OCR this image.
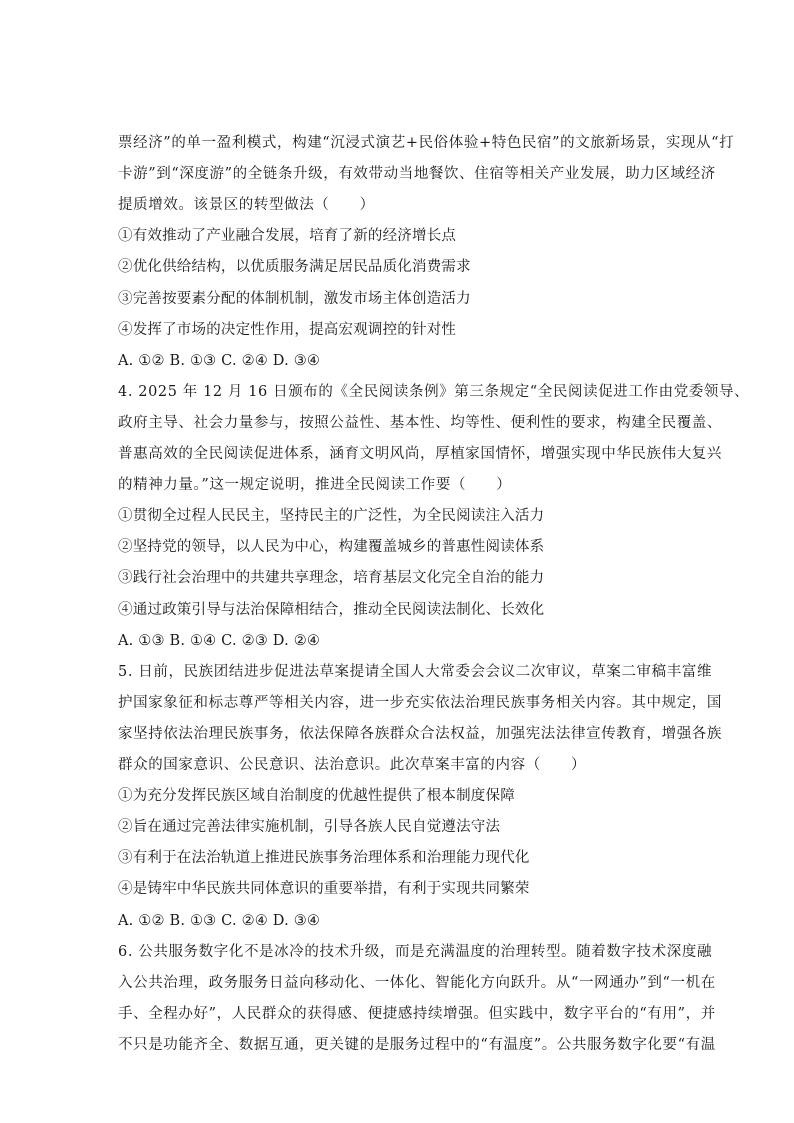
票经济”的单一盈利模式，构建“沉浸式演艺+民俗体验+特色民宿”的文旅新场景，实现从“打

卡游”到“深度游”的全链条升级，有效带动当地餐饮、住宿等相关产业发展，助力区域经济

提质增效。该景区的转型做法（　　）

①有效推动了产业融合发展，培育了新的经济增长点

②优化供给结构，以优质服务满足居民品质化消费需求

③完善按要素分配的体制机制，激发市场主体创造活力

④发挥了市场的决定性作用，提高宏观调控的针对性

A. ①② B. ①③ C. ②④ D. ③④

4. 2025 年 12 月 16 日颁布的《全民阅读条例》第三条规定“全民阅读促进工作由党委领导、

政府主导、社会力量参与，按照公益性、基本性、均等性、便利性的要求，构建全民覆盖、

普惠高效的全民阅读促进体系，涵育文明风尚，厚植家国情怀，增强实现中华民族伟大复兴

的精神力量。”这一规定说明，推进全民阅读工作要（　　）

①贯彻全过程人民民主，坚持民主的广泛性，为全民阅读注入活力

②坚持党的领导，以人民为中心，构建覆盖城乡的普惠性阅读体系

③践行社会治理中的共建共享理念，培育基层文化完全自治的能力

④通过政策引导与法治保障相结合，推动全民阅读法制化、长效化

A. ①③ B. ①④ C. ②③ D. ②④

5. 日前，民族团结进步促进法草案提请全国人大常委会会议二次审议，草案二审稿丰富维

护国家象征和标志尊严等相关内容，进一步充实依法治理民族事务相关内容。其中规定，国

家坚持依法治理民族事务，依法保障各族群众合法权益，加强宪法法律宣传教育，增强各族

群众的国家意识、公民意识、法治意识。此次草案丰富的内容（　　）

①为充分发挥民族区域自治制度的优越性提供了根本制度保障

②旨在通过完善法律实施机制，引导各族人民自觉遵法守法

③有利于在法治轨道上推进民族事务治理体系和治理能力现代化

④是铸牢中华民族共同体意识的重要举措，有利于实现共同繁荣

A. ①② B. ①③ C. ②④ D. ③④

6. 公共服务数字化不是冰冷的技术升级，而是充满温度的治理转型。随着数字技术深度融

入公共治理，政务服务日益向移动化、一体化、智能化方向跃升。从“一网通办”到“一机在

手、全程办好”，人民群众的获得感、便捷感持续增强。但实践中，数字平台的“有用”，并

不只是功能齐全、数据互通，更关键的是服务过程中的“有温度”。公共服务数字化要“有温
